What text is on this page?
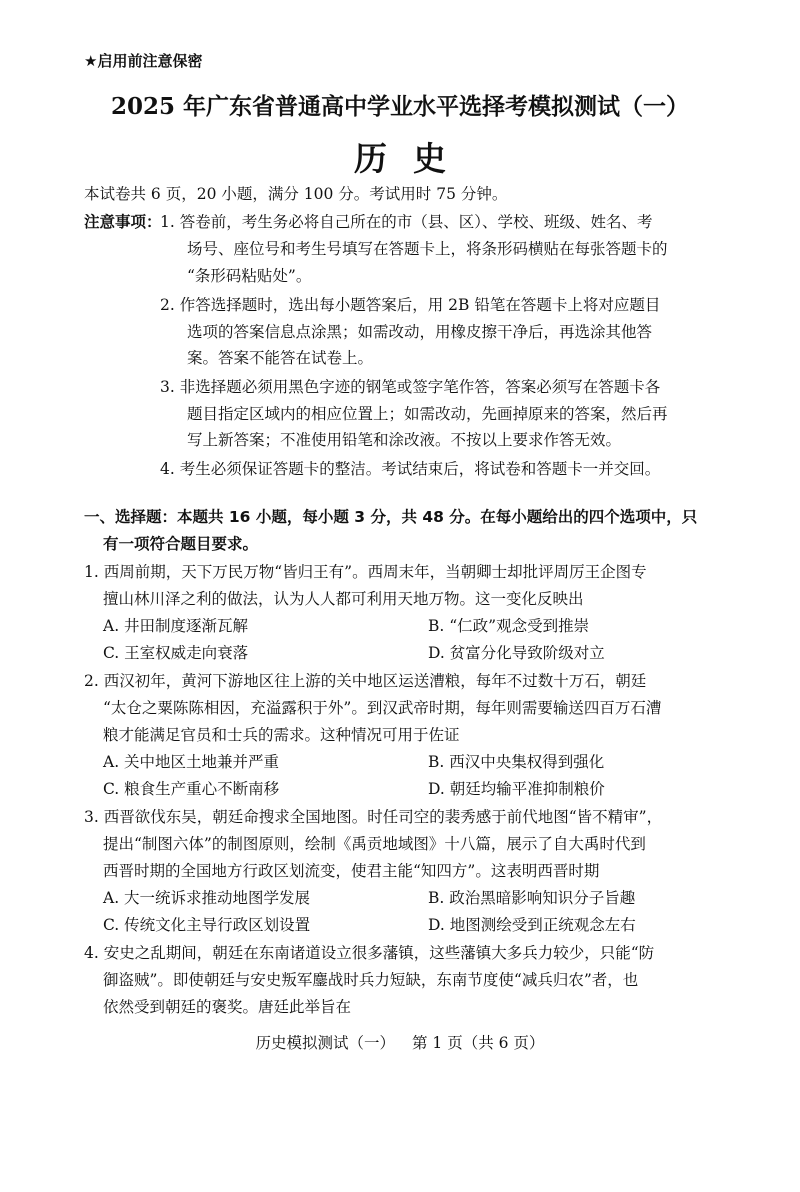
★启用前注意保密
2025 年广东省普通高中学业水平选择考模拟测试（一）
历史
本试卷共 6 页，20 小题，满分 100 分。考试用时 75 分钟。
注意事项：
1. 答卷前，考生务必将自己所在的市（县、区）、学校、班级、姓名、考
场号、座位号和考生号填写在答题卡上，将条形码横贴在每张答题卡的
“条形码粘贴处”。
2. 作答选择题时，选出每小题答案后，用 2B 铅笔在答题卡上将对应题目
选项的答案信息点涂黑；如需改动，用橡皮擦干净后，再选涂其他答
案。答案不能答在试卷上。
3. 非选择题必须用黑色字迹的钢笔或签字笔作答，答案必须写在答题卡各
题目指定区域内的相应位置上；如需改动，先画掉原来的答案，然后再
写上新答案；不准使用铅笔和涂改液。不按以上要求作答无效。
4. 考生必须保证答题卡的整洁。考试结束后，将试卷和答题卡一并交回。
一、选择题：本题共 16 小题，每小题 3 分，共 48 分。在每小题给出的四个选项中，只
有一项符合题目要求。
1. 西周前期，天下万民万物“皆归王有”。西周末年，当朝卿士却批评周厉王企图专
擅山林川泽之利的做法，认为人人都可利用天地万物。这一变化反映出
A. 井田制度逐渐瓦解	B. “仁政”观念受到推崇
C. 王室权威走向衰落	D. 贫富分化导致阶级对立
2. 西汉初年，黄河下游地区往上游的关中地区运送漕粮，每年不过数十万石，朝廷
“太仓之粟陈陈相因，充溢露积于外”。到汉武帝时期，每年则需要输送四百万石漕
粮才能满足官员和士兵的需求。这种情况可用于佐证
A. 关中地区土地兼并严重	B. 西汉中央集权得到强化
C. 粮食生产重心不断南移	D. 朝廷均输平准抑制粮价
3. 西晋欲伐东吴，朝廷命搜求全国地图。时任司空的裴秀感于前代地图“皆不精审”，
提出“制图六体”的制图原则，绘制《禹贡地域图》十八篇，展示了自大禹时代到
西晋时期的全国地方行政区划流变，使君主能“知四方”。这表明西晋时期
A. 大一统诉求推动地图学发展	B. 政治黑暗影响知识分子旨趣
C. 传统文化主导行政区划设置	D. 地图测绘受到正统观念左右
4. 安史之乱期间，朝廷在东南诸道设立很多藩镇，这些藩镇大多兵力较少，只能“防
御盗贼”。即使朝廷与安史叛军鏖战时兵力短缺，东南节度使“减兵归农”者，也
依然受到朝廷的褒奖。唐廷此举旨在
历史模拟测试（一） 第 1 页（共 6 页）
